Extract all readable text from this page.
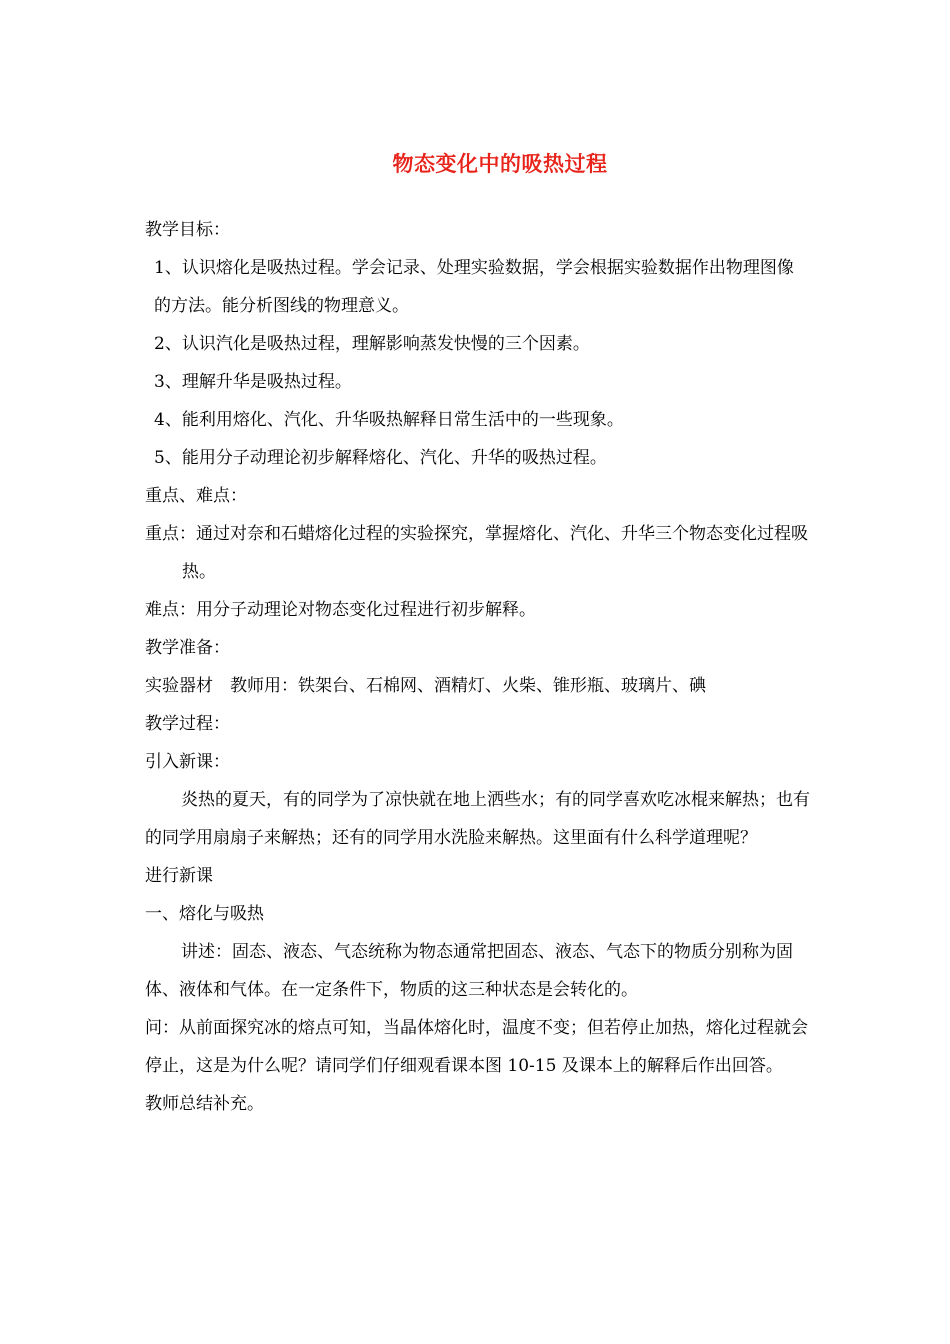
物态变化中的吸热过程

教学目标：

1、认识熔化是吸热过程。学会记录、处理实验数据，学会根据实验数据作出物理图像的方法。能分析图线的物理意义。

2、认识汽化是吸热过程，理解影响蒸发快慢的三个因素。

3、理解升华是吸热过程。

4、能利用熔化、汽化、升华吸热解释日常生活中的一些现象。

5、能用分子动理论初步解释熔化、汽化、升华的吸热过程。

重点、难点：

重点：通过对奈和石蜡熔化过程的实验探究，掌握熔化、汽化、升华三个物态变化过程吸热。

难点：用分子动理论对物态变化过程进行初步解释。

教学准备：

实验器材　教师用：铁架台、石棉网、酒精灯、火柴、锥形瓶、玻璃片、碘

教学过程：

引入新课：

炎热的夏天，有的同学为了凉快就在地上洒些水；有的同学喜欢吃冰棍来解热；也有的同学用扇扇子来解热；还有的同学用水洗脸来解热。这里面有什么科学道理呢？

进行新课

一、熔化与吸热

讲述：固态、液态、气态统称为物态通常把固态、液态、气态下的物质分别称为固体、液体和气体。在一定条件下，物质的这三种状态是会转化的。

问：从前面探究冰的熔点可知，当晶体熔化时，温度不变；但若停止加热，熔化过程就会停止，这是为什么呢？请同学们仔细观看课本图 10-15 及课本上的解释后作出回答。

教师总结补充。
